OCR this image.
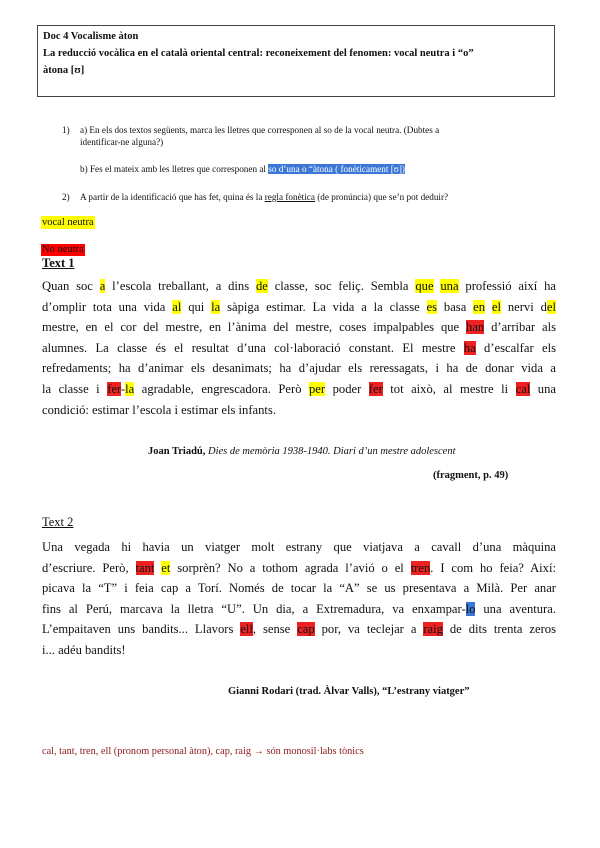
Doc 4 Vocalisme àton
La reducció vocàlica en el català oriental central: reconeixement del fenomen: vocal neutra i “o”
àtona [ʊ]
1) a) En els dos textos següents, marca les lletres que corresponen al so de la vocal neutra. (Dubtes a
identificar-ne alguna?)
b) Fes el mateix amb les lletres que corresponen al so d’una o “àtona ( fonèticament [ʊ])
2) A partir de la identificació que has fet, quina és la regla fonètica (de pronúncia) que se’n pot deduir?
vocal neutra
No neutra
Text 1
Quan soc a l’escola treballant, a dins de classe, soc feliç. Sembla que una professió així ha
d’omplir tota una vida al qui la sàpiga estimar. La vida a la classe es basa en el nervi del
mestre, en el cor del mestre, en l’ànima del mestre, coses impalpables que han d’arribar als
alumnes. La classe és el resultat d’una col·laboració constant. El mestre ha d’escalfar els
refredaments; ha d’animar els desanimats; ha d’ajudar els reressagats, i ha de donar vida a
la classe i fer-la agradable, engrescadora. Però per poder fer tot això, al mestre li cal una
condició: estimar l’escola i estimar els infants.
Joan Triadú, Dies de memòria 1938-1940. Diari d’un mestre adolescent
(fragment, p. 49)
Text 2
Una vegada hi havia un viatger molt estrany que viatjava a cavall d’una màquina
d’escriure. Però, tant et sorprèn? No a tothom agrada l’avió o el tren. I com ho feia? Així:
picava la “T” i feia cap a Torí. Només de tocar la “A” se us presentava a Milà. Per anar
fins al Perú, marcava la lletra “U”. Un dia, a Extremadura, va enxampar-lo una aventura.
L’empaitaven uns bandits... Llavors ell, sense cap por, va teclejar a raig de dits trenta zeros
i... adéu bandits!
Gianni Rodari (trad. Àlvar Valls), “L’estrany viatger”
cal, tant, tren, ell (pronom personal àton), cap, raig → són monosil·labs tònics
